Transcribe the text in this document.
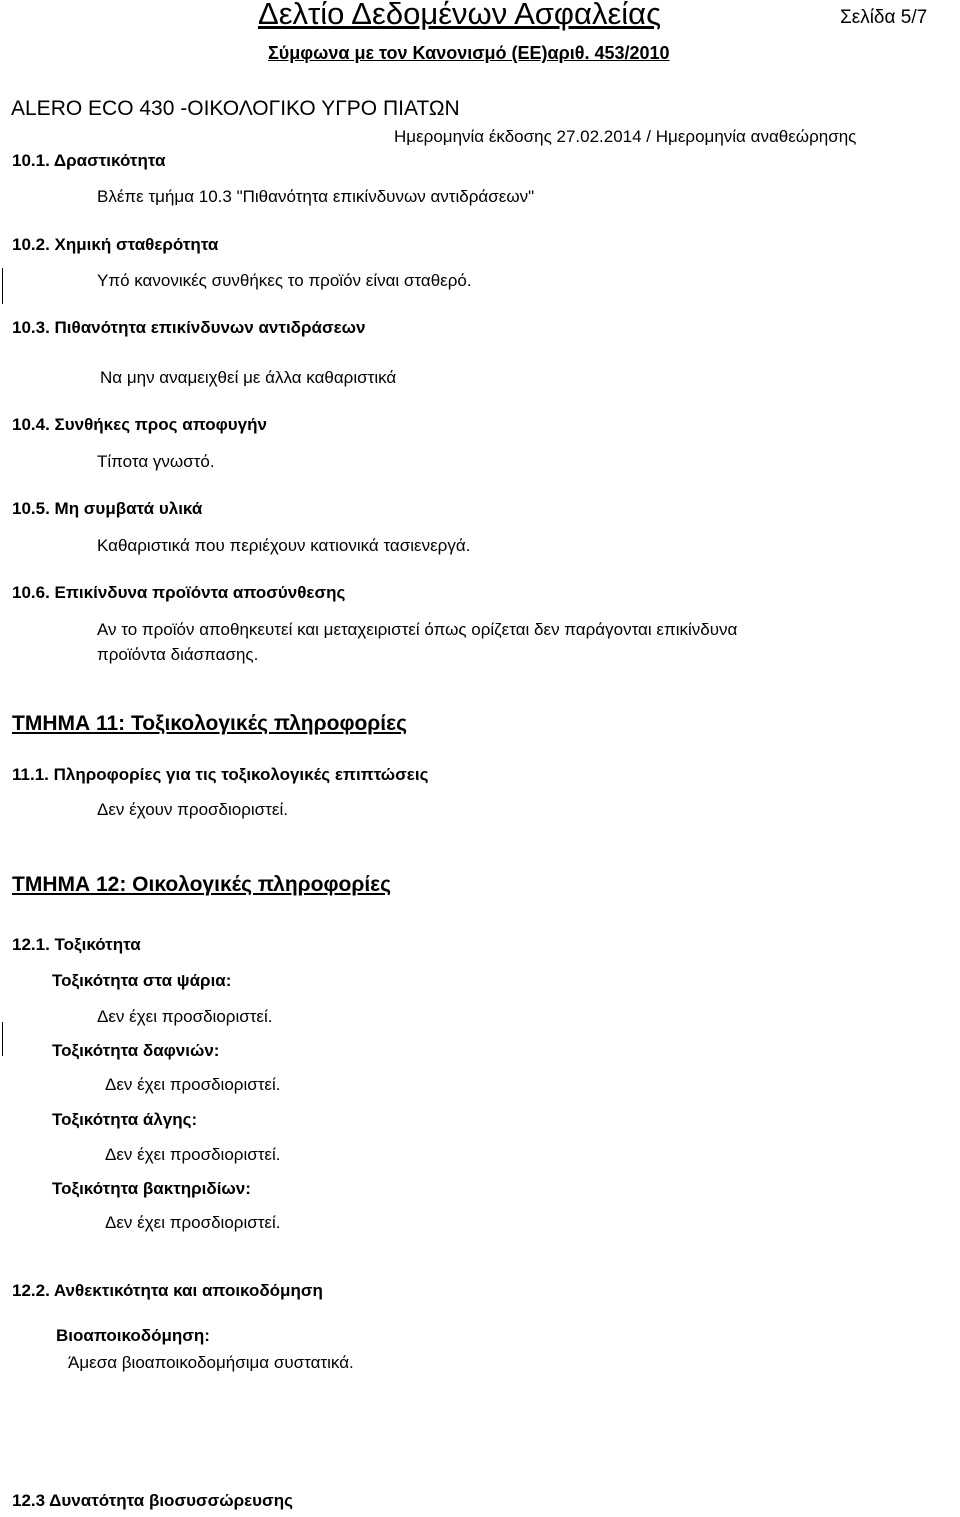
Δελτίο Δεδομένων Ασφαλείας	Σελίδα 5/7
Σύμφωνα με τον Κανονισμό (ΕΕ)αριθ. 453/2010
ALERO ECO 430 -ΟΙΚΟΛΟΓΙΚΟ ΥΓΡΟ ΠΙΑΤΩΝ
Ημερομηνία έκδοσης 27.02.2014 / Ημερομηνία αναθεώρησης
10.1. Δραστικότητα
Βλέπε τμήμα 10.3 "Πιθανότητα επικίνδυνων αντιδράσεων"
10.2. Χημική σταθερότητα
Υπό κανονικές συνθήκες το προϊόν είναι σταθερό.
10.3. Πιθανότητα επικίνδυνων αντιδράσεων
Να μην αναμειχθεί με άλλα καθαριστικά
10.4. Συνθήκες προς αποφυγήν
Τίποτα γνωστό.
10.5. Μη συμβατά υλικά
Καθαριστικά που περιέχουν κατιονικά τασιενεργά.
10.6. Επικίνδυνα προϊόντα αποσύνθεσης
Αν το προϊόν αποθηκευτεί και μεταχειριστεί όπως ορίζεται δεν παράγονται επικίνδυνα
προϊόντα διάσπασης.
ΤΜΗΜΑ 11: Τοξικολογικές πληροφορίες
11.1. Πληροφορίες για τις τοξικολογικές επιπτώσεις
Δεν έχουν προσδιοριστεί.
ΤΜΗΜΑ 12: Οικολογικές πληροφορίες
12.1. Τοξικότητα
Τοξικότητα στα ψάρια:
Δεν έχει προσδιοριστεί.
Τοξικότητα δαφνιών:
Δεν έχει προσδιοριστεί.
Τοξικότητα άλγης:
Δεν έχει προσδιοριστεί.
Τοξικότητα βακτηριδίων:
Δεν έχει προσδιοριστεί.
12.2. Ανθεκτικότητα και αποικοδόμηση
Βιοαποικοδόμηση:
Άμεσα βιοαποικοδομήσιμα συστατικά.
12.3 Δυνατότητα βιοσυσσώρευσης
